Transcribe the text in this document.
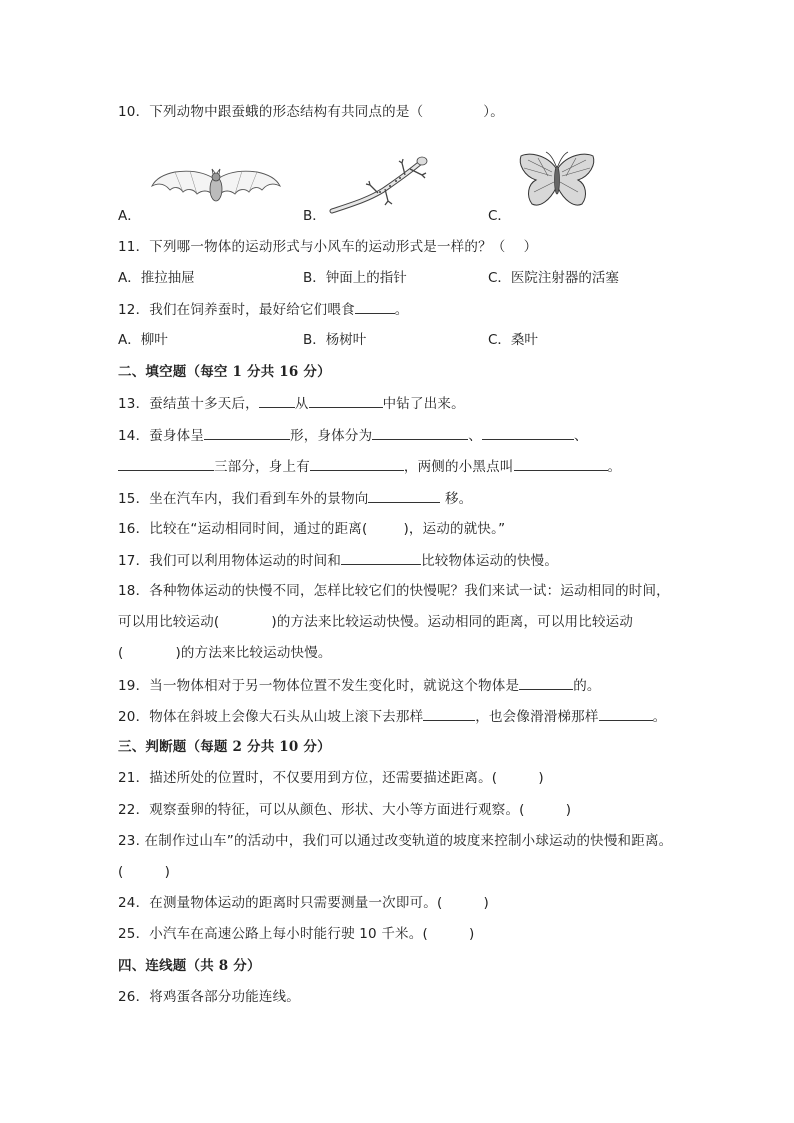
10．下列动物中跟蚕蛾的形态结构有共同点的是（	）。
A．	B．	C．
11．下列哪一物体的运动形式与小风车的运动形式是一样的？（　 ）
A．推拉抽屉	B．钟面上的指针	C．医院注射器的活塞
12．我们在饲养蚕时，最好给它们喂食	。
A．柳叶	B．杨树叶	C．桑叶
二、填空题（每空 1 分共 16 分）
13．蚕结茧十多天后，	从	中钻了出来。
14．蚕身体呈	形，身体分为	、	、
三部分，身上有	，两侧的小黑点叫	。
15．坐在汽车内，我们看到车外的景物向	移。
16．比较在“运动相同时间，通过的距离(	)，运动的就快。”
17．我们可以利用物体运动的时间和	比较物体运动的快慢。
18．各种物体运动的快慢不同，怎样比较它们的快慢呢？我们来试一试：运动相同的时间，
可以用比较运动(	)的方法来比较运动快慢。运动相同的距离，可以用比较运动
(	)的方法来比较运动快慢。
19．当一物体相对于另一物体位置不发生变化时，就说这个物体是	的。
20．物体在斜坡上会像大石头从山坡上滚下去那样	，也会像滑滑梯那样	。
三、判断题（每题 2 分共 10 分）
21．描述所处的位置时，不仅要用到方位，还需要描述距离。(　　　)
22．观察蚕卵的特征，可以从颜色、形状、大小等方面进行观察。(　　　)
23. 在制作过山车”的活动中，我们可以通过改变轨道的坡度来控制小球运动的快慢和距离。
(　　　)
24．在测量物体运动的距离时只需要测量一次即可。(　　　)
25．小汽车在高速公路上每小时能行驶 10 千米。(　　　)
四、连线题（共 8 分）
26．将鸡蛋各部分功能连线。
